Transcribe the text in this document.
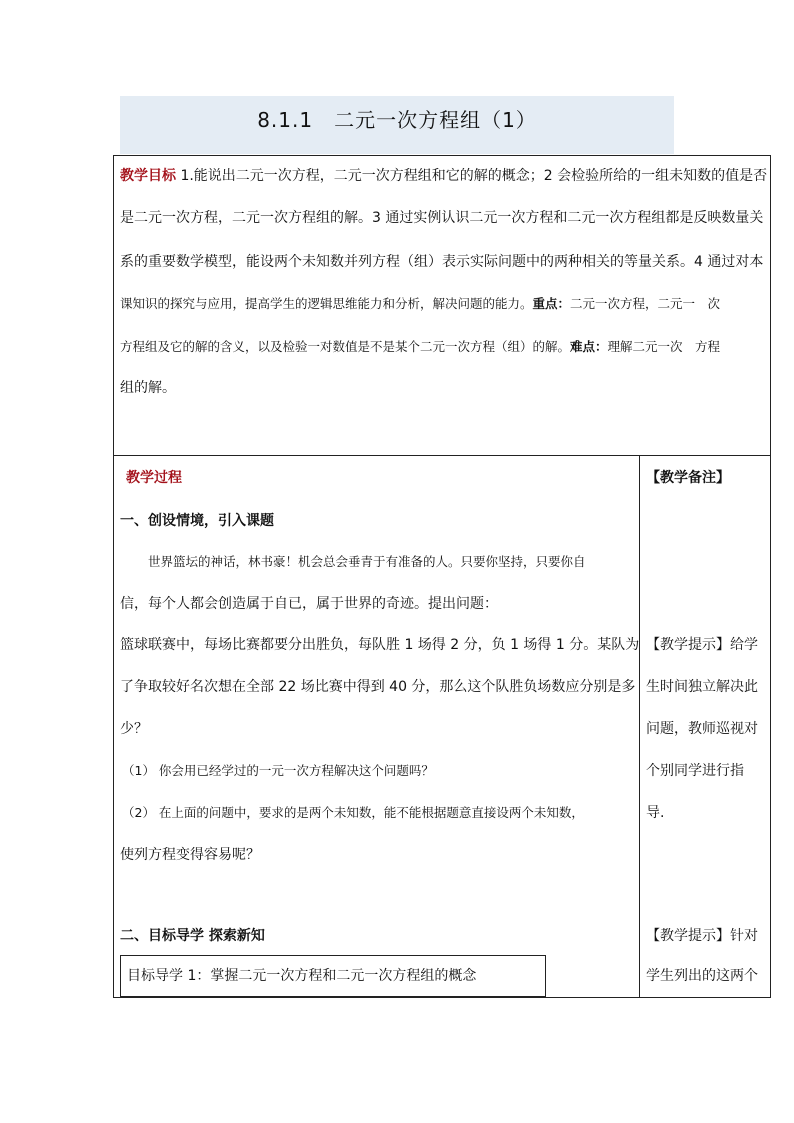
8.1.1　二元一次方程组（1）
教学目标 1.能说出二元一次方程，二元一次方程组和它的解的概念；2 会检验所给的一组未知数的值是否
是二元一次方程，二元一次方程组的解。3 通过实例认识二元一次方程和二元一次方程组都是反映数量关
系的重要数学模型，能设两个未知数并列方程（组）表示实际问题中的两种相关的等量关系。4 通过对本
课知识的探究与应用，提高学生的逻辑思维能力和分析，解决问题的能力。重点：二元一次方程，二元一　次
方程组及它的解的含义，以及检验一对数值是不是某个二元一次方程（组）的解。难点：理解二元一次　方程
组的解。
教学过程
一、创设情境，引入课题
世界篮坛的神话，林书豪！机会总会垂青于有准备的人。只要你坚持，只要你自
信，每个人都会创造属于自已，属于世界的奇迹。提出问题：
篮球联赛中，每场比赛都要分出胜负，每队胜 1 场得 2 分，负 1 场得 1 分。某队为
了争取较好名次想在全部 22 场比赛中得到 40 分，那么这个队胜负场数应分别是多
少？
（1） 你会用已经学过的一元一次方程解决这个问题吗？
（2） 在上面的问题中，要求的是两个未知数，能不能根据题意直接设两个未知数，
使列方程变得容易呢？
二、目标导学 探索新知
目标导学 1：掌握二元一次方程和二元一次方程组的概念
【教学备注】
【教学提示】给学
生时间独立解决此
问题，教师巡视对
个别同学进行指
导.
【教学提示】针对
学生列出的这两个
